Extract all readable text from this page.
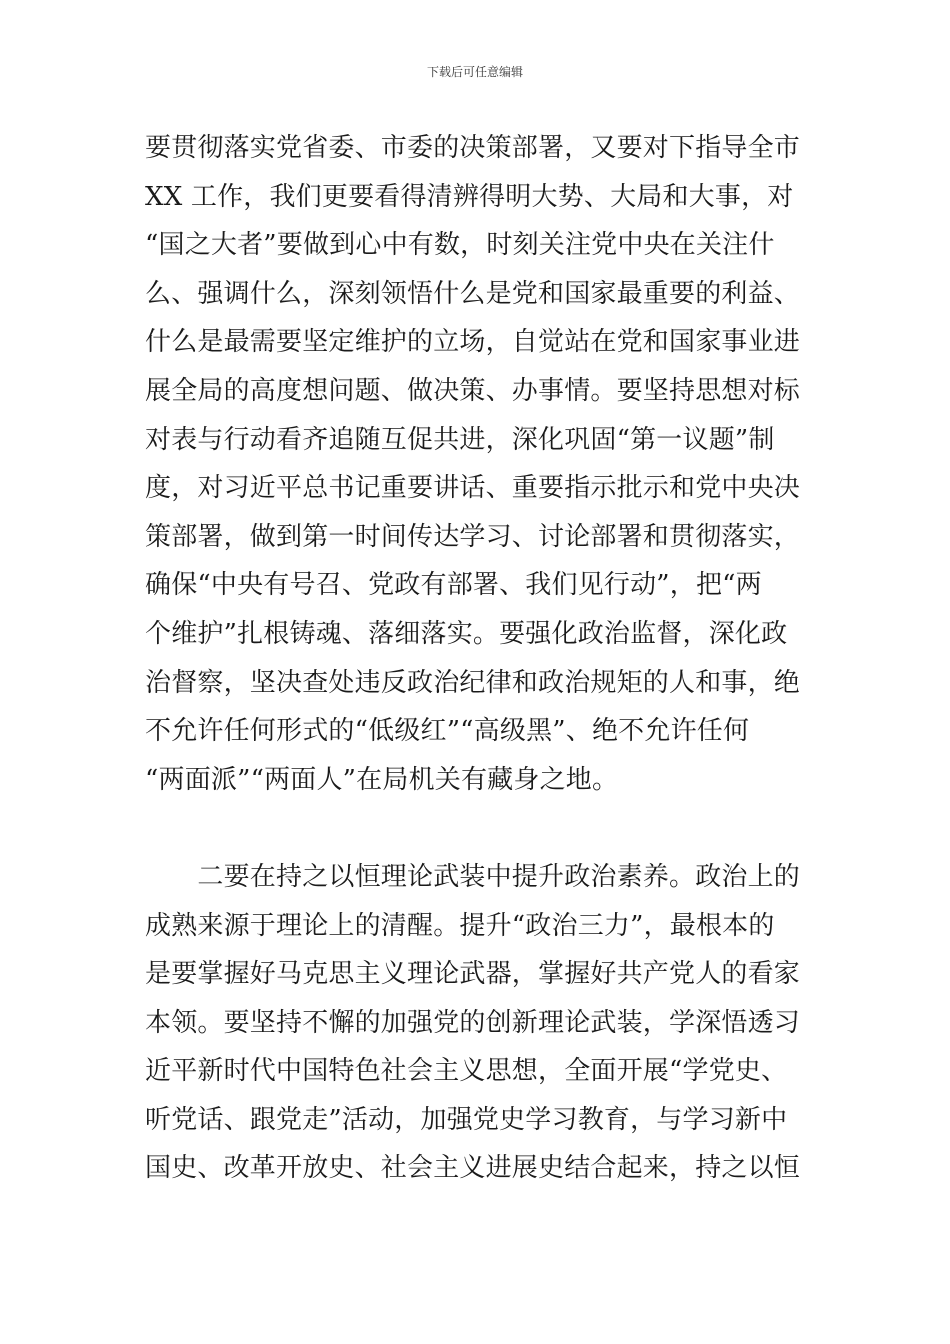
下载后可任意编辑
要贯彻落实党省委、市委的决策部署，又要对下指导全市
XX 工作，我们更要看得清辨得明大势、大局和大事，对
“国之大者”要做到心中有数，时刻关注党中央在关注什
么、强调什么，深刻领悟什么是党和国家最重要的利益、
什么是最需要坚定维护的立场，自觉站在党和国家事业进
展全局的高度想问题、做决策、办事情。要坚持思想对标
对表与行动看齐追随互促共进，深化巩固“第一议题”制
度，对习近平总书记重要讲话、重要指示批示和党中央决
策部署，做到第一时间传达学习、讨论部署和贯彻落实，
确保“中央有号召、党政有部署、我们见行动”，把“两
个维护”扎根铸魂、落细落实。要强化政治监督，深化政
治督察，坚决查处违反政治纪律和政治规矩的人和事，绝
不允许任何形式的“低级红”“高级黑”、绝不允许任何
“两面派”“两面人”在局机关有藏身之地。
　　二要在持之以恒理论武装中提升政治素养。政治上的
成熟来源于理论上的清醒。提升“政治三力”，最根本的
是要掌握好马克思主义理论武器，掌握好共产党人的看家
本领。要坚持不懈的加强党的创新理论武装，学深悟透习
近平新时代中国特色社会主义思想，全面开展“学党史、
听党话、跟党走”活动，加强党史学习教育，与学习新中
国史、改革开放史、社会主义进展史结合起来，持之以恒
